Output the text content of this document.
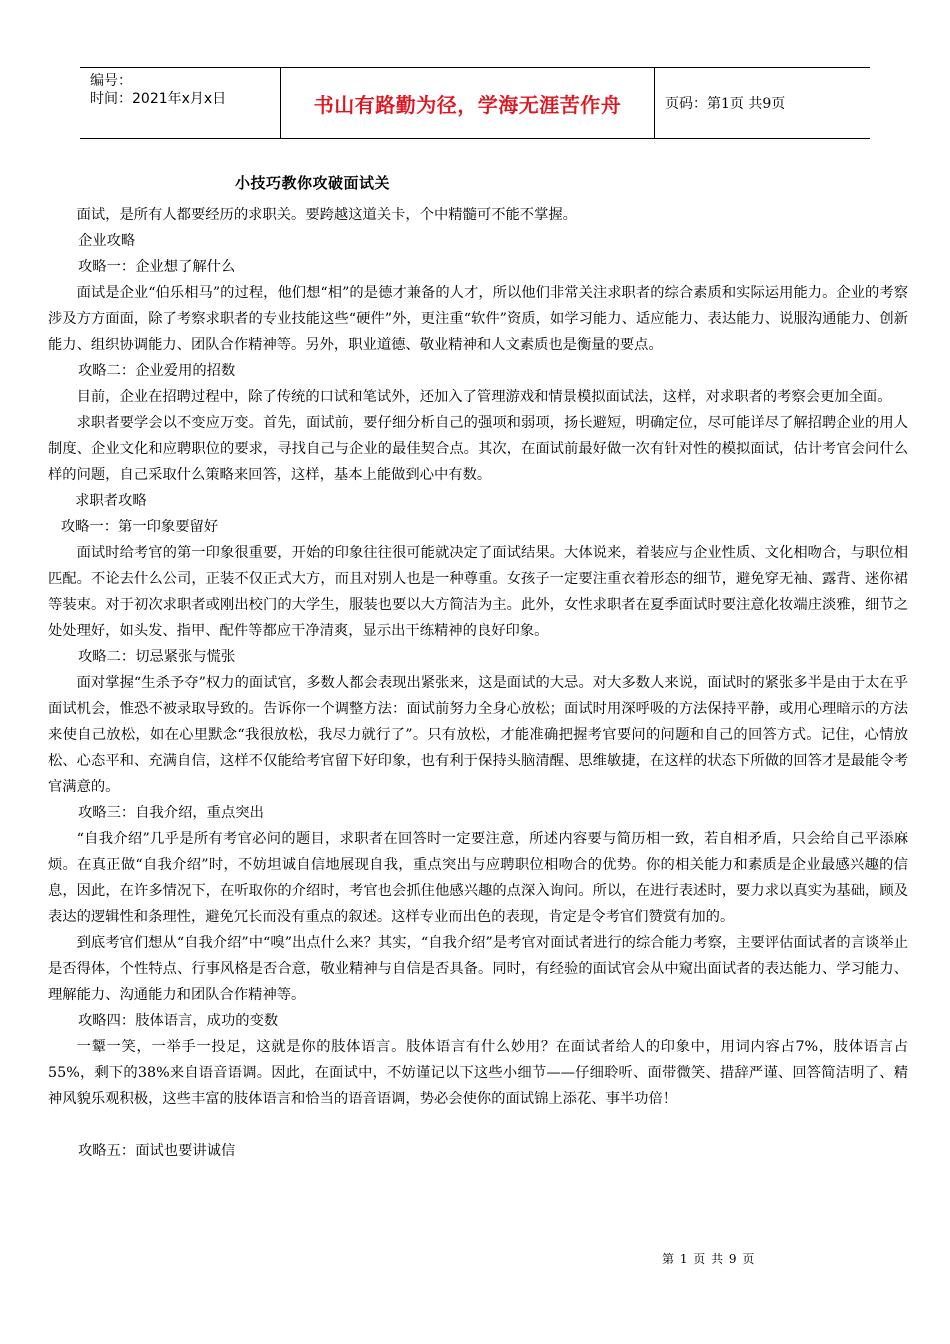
编号：
时间：2021年x月x日	书山有路勤为径，学海无涯苦作舟	页码：第1页 共9页
小技巧教你攻破面试关

面试，是所有人都要经历的求职关。要跨越这道关卡，个中精髓可不能不掌握。

企业攻略

攻略一：企业想了解什么

面试是企业“伯乐相马”的过程，他们想“相”的是德才兼备的人才，所以他们非常关注求职者的综合素质和实际运用能力。企业的考察涉及方方面面，除了考察求职者的专业技能这些“硬件”外，更注重“软件”资质，如学习能力、适应能力、表达能力、说服沟通能力、创新能力、组织协调能力、团队合作精神等。另外，职业道德、敬业精神和人文素质也是衡量的要点。

攻略二：企业爱用的招数

目前，企业在招聘过程中，除了传统的口试和笔试外，还加入了管理游戏和情景模拟面试法，这样，对求职者的考察会更加全面。

求职者要学会以不变应万变。首先，面试前，要仔细分析自己的强项和弱项，扬长避短，明确定位，尽可能详尽了解招聘企业的用人制度、企业文化和应聘职位的要求，寻找自己与企业的最佳契合点。其次，在面试前最好做一次有针对性的模拟面试，估计考官会问什么样的问题，自己采取什么策略来回答，这样，基本上能做到心中有数。

求职者攻略

攻略一：第一印象要留好

面试时给考官的第一印象很重要，开始的印象往往很可能就决定了面试结果。大体说来，着装应与企业性质、文化相吻合，与职位相匹配。不论去什么公司，正装不仅正式大方，而且对别人也是一种尊重。女孩子一定要注重衣着形态的细节，避免穿无袖、露背、迷你裙等装束。对于初次求职者或刚出校门的大学生，服装也要以大方简洁为主。此外，女性求职者在夏季面试时要注意化妆端庄淡雅，细节之处处理好，如头发、指甲、配件等都应干净清爽，显示出干练精神的良好印象。

攻略二：切忌紧张与慌张

面对掌握“生杀予夺”权力的面试官，多数人都会表现出紧张来，这是面试的大忌。对大多数人来说，面试时的紧张多半是由于太在乎面试机会，惟恐不被录取导致的。告诉你一个调整方法：面试前努力全身心放松；面试时用深呼吸的方法保持平静，或用心理暗示的方法来使自己放松，如在心里默念“我很放松，我尽力就行了”。只有放松，才能准确把握考官要问的问题和自己的回答方式。记住，心情放松、心态平和、充满自信，这样不仅能给考官留下好印象，也有利于保持头脑清醒、思维敏捷，在这样的状态下所做的回答才是最能令考官满意的。

攻略三：自我介绍，重点突出

“自我介绍”几乎是所有考官必问的题目，求职者在回答时一定要注意，所述内容要与简历相一致，若自相矛盾，只会给自己平添麻烦。在真正做“自我介绍”时，不妨坦诚自信地展现自我，重点突出与应聘职位相吻合的优势。你的相关能力和素质是企业最感兴趣的信息，因此，在许多情况下，在听取你的介绍时，考官也会抓住他感兴趣的点深入询问。所以，在进行表述时，要力求以真实为基础，顾及表达的逻辑性和条理性，避免冗长而没有重点的叙述。这样专业而出色的表现，肯定是令考官们赞赏有加的。

到底考官们想从“自我介绍”中“嗅”出点什么来？其实，“自我介绍”是考官对面试者进行的综合能力考察，主要评估面试者的言谈举止是否得体，个性特点、行事风格是否合意，敬业精神与自信是否具备。同时，有经验的面试官会从中窥出面试者的表达能力、学习能力、理解能力、沟通能力和团队合作精神等。

攻略四：肢体语言，成功的变数

一颦一笑，一举手一投足，这就是你的肢体语言。肢体语言有什么妙用？在面试者给人的印象中，用词内容占7%，肢体语言占55%，剩下的38%来自语音语调。因此，在面试中，不妨谨记以下这些小细节——仔细聆听、面带微笑、措辞严谨、回答简洁明了、精神风貌乐观积极，这些丰富的肢体语言和恰当的语音语调，势必会使你的面试锦上添花、事半功倍！

攻略五：面试也要讲诚信

第 1 页 共 9 页
